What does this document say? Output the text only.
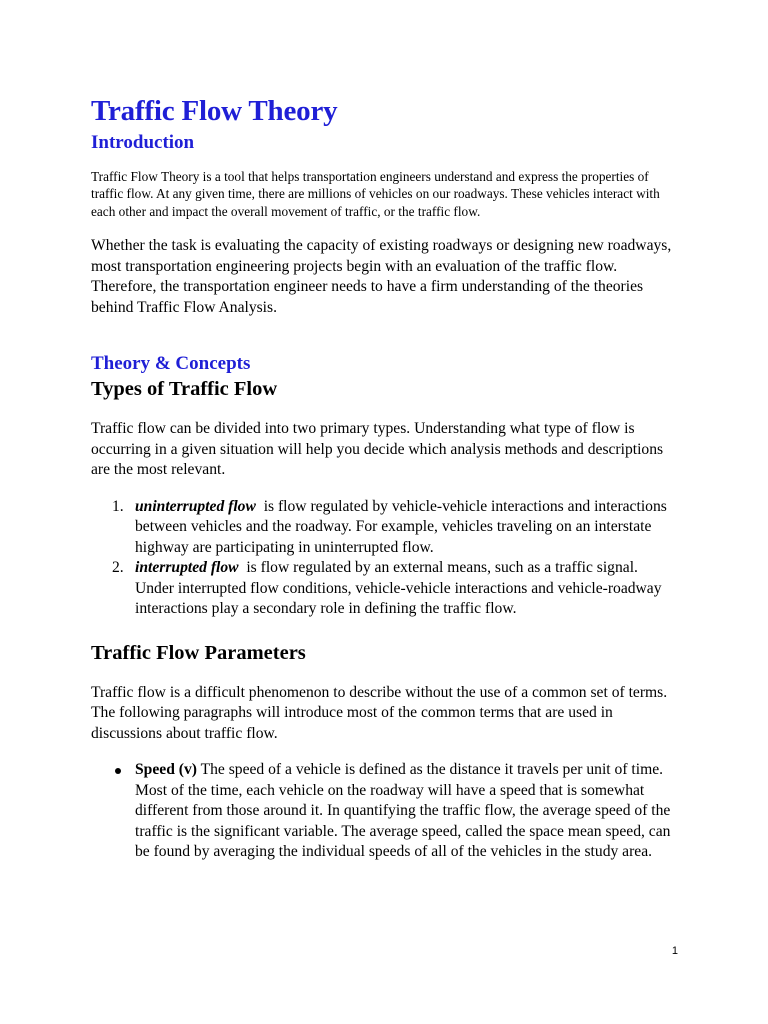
Traffic Flow Theory
Introduction

Traffic Flow Theory is a tool that helps transportation engineers understand and express the properties of traffic flow. At any given time, there are millions of vehicles on our roadways. These vehicles interact with each other and impact the overall movement of traffic, or the traffic flow.

Whether the task is evaluating the capacity of existing roadways or designing new roadways, most transportation engineering projects begin with an evaluation of the traffic flow. Therefore, the transportation engineer needs to have a firm understanding of the theories behind Traffic Flow Analysis.

Theory & Concepts
Types of Traffic Flow

Traffic flow can be divided into two primary types. Understanding what type of flow is occurring in a given situation will help you decide which analysis methods and descriptions are the most relevant.

1. uninterrupted flow  is flow regulated by vehicle-vehicle interactions and interactions between vehicles and the roadway. For example, vehicles traveling on an interstate highway are participating in uninterrupted flow.
2. interrupted flow  is flow regulated by an external means, such as a traffic signal. Under interrupted flow conditions, vehicle-vehicle interactions and vehicle-roadway interactions play a secondary role in defining the traffic flow.
Traffic Flow Parameters

Traffic flow is a difficult phenomenon to describe without the use of a common set of terms. The following paragraphs will introduce most of the common terms that are used in discussions about traffic flow.

Speed (v) The speed of a vehicle is defined as the distance it travels per unit of time. Most of the time, each vehicle on the roadway will have a speed that is somewhat different from those around it. In quantifying the traffic flow, the average speed of the traffic is the significant variable. The average speed, called the space mean speed, can be found by averaging the individual speeds of all of the vehicles in the study area.
1
